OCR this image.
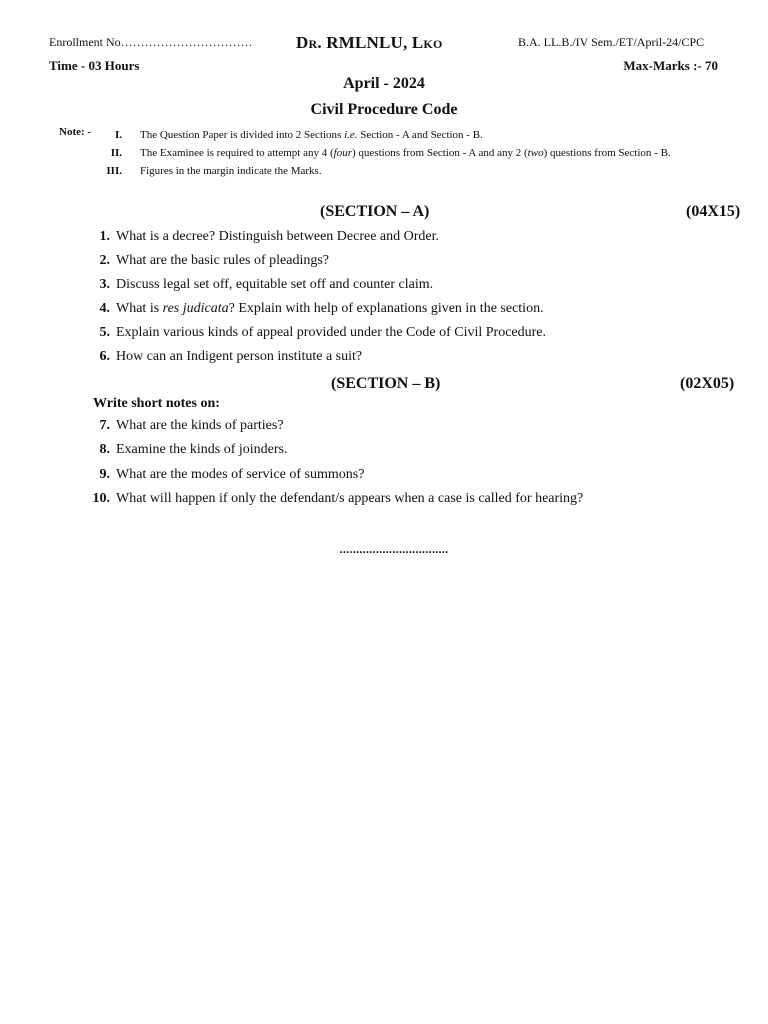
Enrollment No……………………………	Dr. RMLNLU, Lko	B.A. LL.B./IV Sem./ET/April-24/CPC
Time - 03 Hours	Max-Marks :- 70
April - 2024
Civil Procedure Code
Note: -	I. The Question Paper is divided into 2 Sections i.e. Section - A and Section - B.
II. The Examinee is required to attempt any 4 (four) questions from Section - A and any 2 (two) questions from Section - B.
III. Figures in the margin indicate the Marks.
(SECTION – A)	(04X15)
1. What is a decree? Distinguish between Decree and Order.
2. What are the basic rules of pleadings?
3. Discuss legal set off, equitable set off and counter claim.
4. What is res judicata? Explain with help of explanations given in the section.
5. Explain various kinds of appeal provided under the Code of Civil Procedure.
6. How can an Indigent person institute a suit?
(SECTION – B)	(02X05)
Write short notes on:
7. What are the kinds of parties?
8. Examine the kinds of joinders.
9. What are the modes of service of summons?
10. What will happen if only the defendant/s appears when a case is called for hearing?
.................................
